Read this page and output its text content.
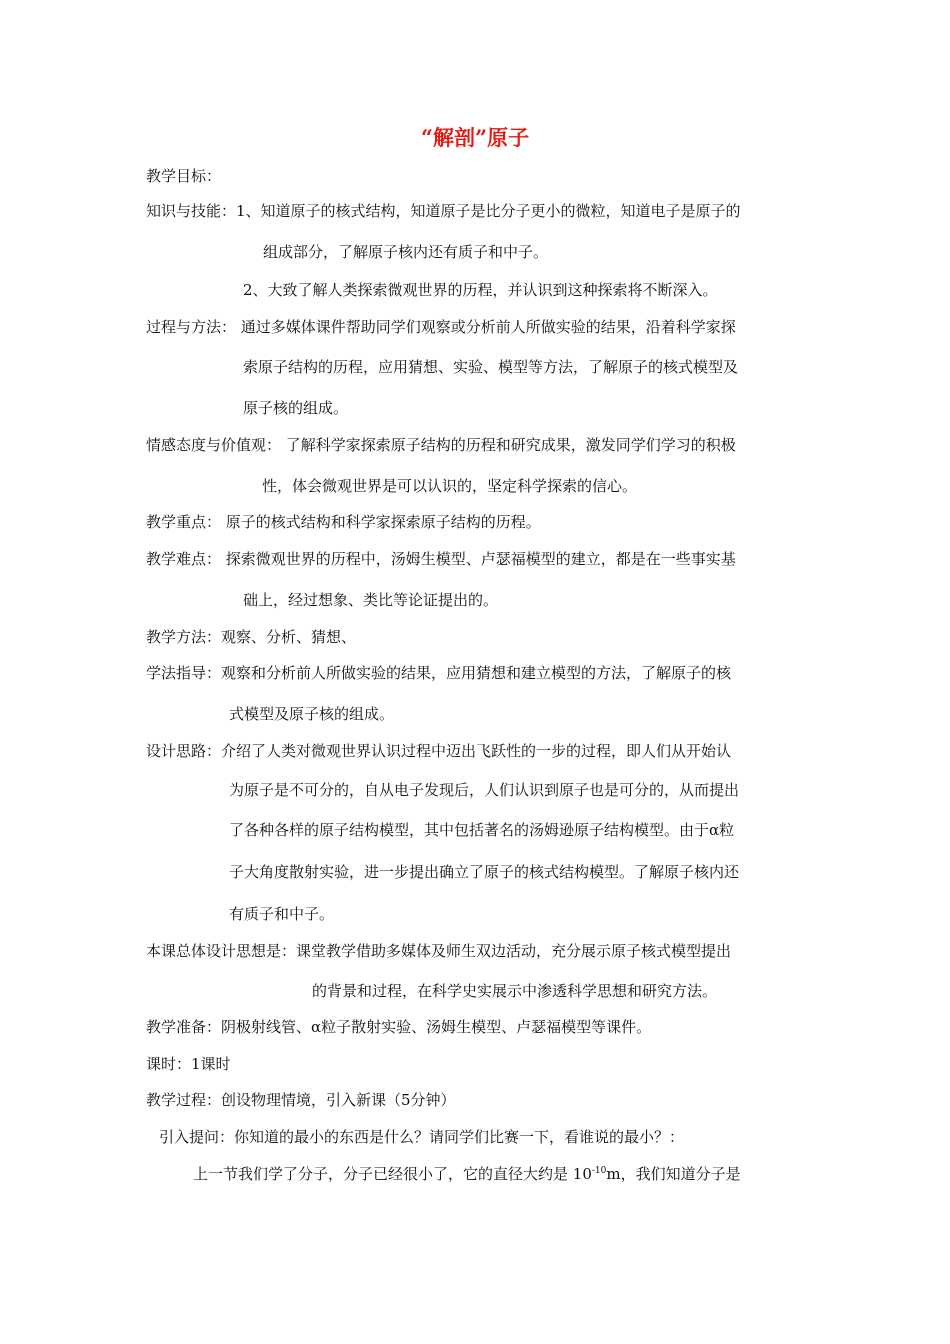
“解剖”原子
教学目标：
知识与技能：1、知道原子的核式结构，知道原子是比分子更小的微粒，知道电子是原子的
组成部分，了解原子核内还有质子和中子。
2、大致了解人类探索微观世界的历程，并认识到这种探索将不断深入。
过程与方法： 通过多媒体课件帮助同学们观察或分析前人所做实验的结果，沿着科学家探
索原子结构的历程，应用猜想、实验、模型等方法，了解原子的核式模型及
原子核的组成。
情感态度与价值观： 了解科学家探索原子结构的历程和研究成果，激发同学们学习的积极
性，体会微观世界是可以认识的，坚定科学探索的信心。
教学重点： 原子的核式结构和科学家探索原子结构的历程。
教学难点： 探索微观世界的历程中，汤姆生模型、卢瑟福模型的建立，都是在一些事实基
础上，经过想象、类比等论证提出的。
教学方法：观察、分析、猜想、
学法指导：观察和分析前人所做实验的结果，应用猜想和建立模型的方法，了解原子的核
式模型及原子核的组成。
设计思路：介绍了人类对微观世界认识过程中迈出飞跃性的一步的过程，即人们从开始认
为原子是不可分的，自从电子发现后，人们认识到原子也是可分的，从而提出
了各种各样的原子结构模型，其中包括著名的汤姆逊原子结构模型。由于α粒
子大角度散射实验，进一步提出确立了原子的核式结构模型。了解原子核内还
有质子和中子。
本课总体设计思想是：课堂教学借助多媒体及师生双边活动，充分展示原子核式模型提出
的背景和过程，在科学史实展示中渗透科学思想和研究方法。
教学准备：阴极射线管、α粒子散射实验、汤姆生模型、卢瑟福模型等课件。
课时：1课时
教学过程：创设物理情境，引入新课（5分钟）
引入提问：你知道的最小的东西是什么？请同学们比赛一下，看谁说的最小？：
上一节我们学了分子，分子已经很小了，它的直径大约是 $10^{-10}m$，我们知道分子是
